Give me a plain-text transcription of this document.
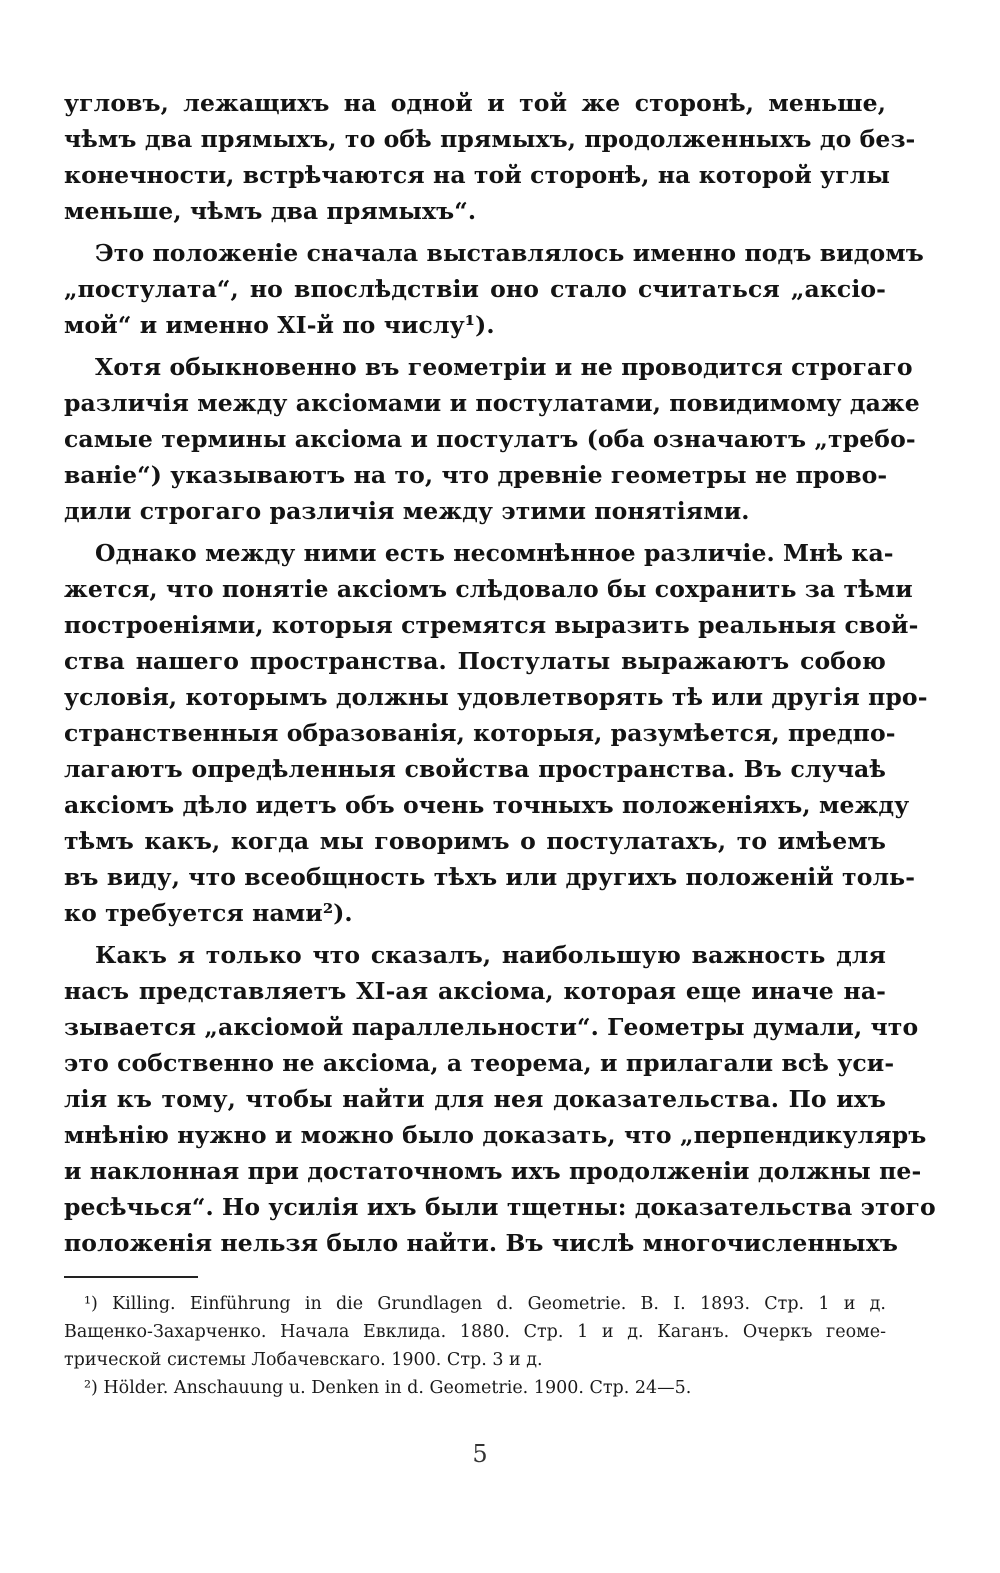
угловъ, лежащихъ на одной и той же сторонѣ, меньше,
чѣмъ два прямыхъ, то обѣ прямыхъ, продолженныхъ до без-
конечности, встрѣчаются на той сторонѣ, на которой углы
меньше, чѣмъ два прямыхъ“.
Это положенiе сначала выставлялось именно подъ видомъ
„постулата“, но впослѣдствiи оно стало считаться „аксiо-
мой“ и именно XI-й по числу¹).
Хотя обыкновенно въ геометрiи и не проводится строгаго
различiя между аксiомами и постулатами, повидимому даже
самые термины аксiома и постулатъ (оба означаютъ „требо-
ванiе“) указываютъ на то, что древнiе геометры не прово-
дили строгаго различiя между этими понятiями.
Однако между ними есть несомнѣнное различiе. Мнѣ ка-
жется, что понятiе аксiомъ слѣдовало бы сохранить за тѣми
построенiями, которыя стремятся выразить реальныя свой-
ства нашего пространства. Постулаты выражаютъ собою
условiя, которымъ должны удовлетворять тѣ или другiя про-
странственныя образованiя, которыя, разумѣется, предпо-
лагаютъ опредѣленныя свойства пространства. Въ случаѣ
аксiомъ дѣло идетъ объ очень точныхъ положенiяхъ, между
тѣмъ какъ, когда мы говоримъ о постулатахъ, то имѣемъ
въ виду, что всеобщность тѣхъ или другихъ положенiй толь-
ко требуется нами²).
Какъ я только что сказалъ, наибольшую важность для
насъ представляетъ XI-ая аксiома, которая еще иначе на-
зывается „аксiомой параллельности“. Геометры думали, что
это собственно не аксiома, а теорема, и прилагали всѣ уси-
лiя къ тому, чтобы найти для нея доказательства. По ихъ
мнѣнiю нужно и можно было доказать, что „перпендикуляръ
и наклонная при достаточномъ ихъ продолженiи должны пе-
ресѣчься“. Но усилiя ихъ были тщетны: доказательства этого
положенiя нельзя было найти. Въ числѣ многочисленныхъ
¹) Killing. Einführung in die Grundlagen d. Geometrie. B. I. 1893. Стр. 1 и д.
Ващенко-Захарченко. Начала Евклида. 1880. Стр. 1 и д. Каганъ. Очеркъ геоме-
трической системы Лобачевскаго. 1900. Стр. 3 и д.
²) Hölder. Anschauung u. Denken in d. Geometrie. 1900. Стр. 24—5.
5
